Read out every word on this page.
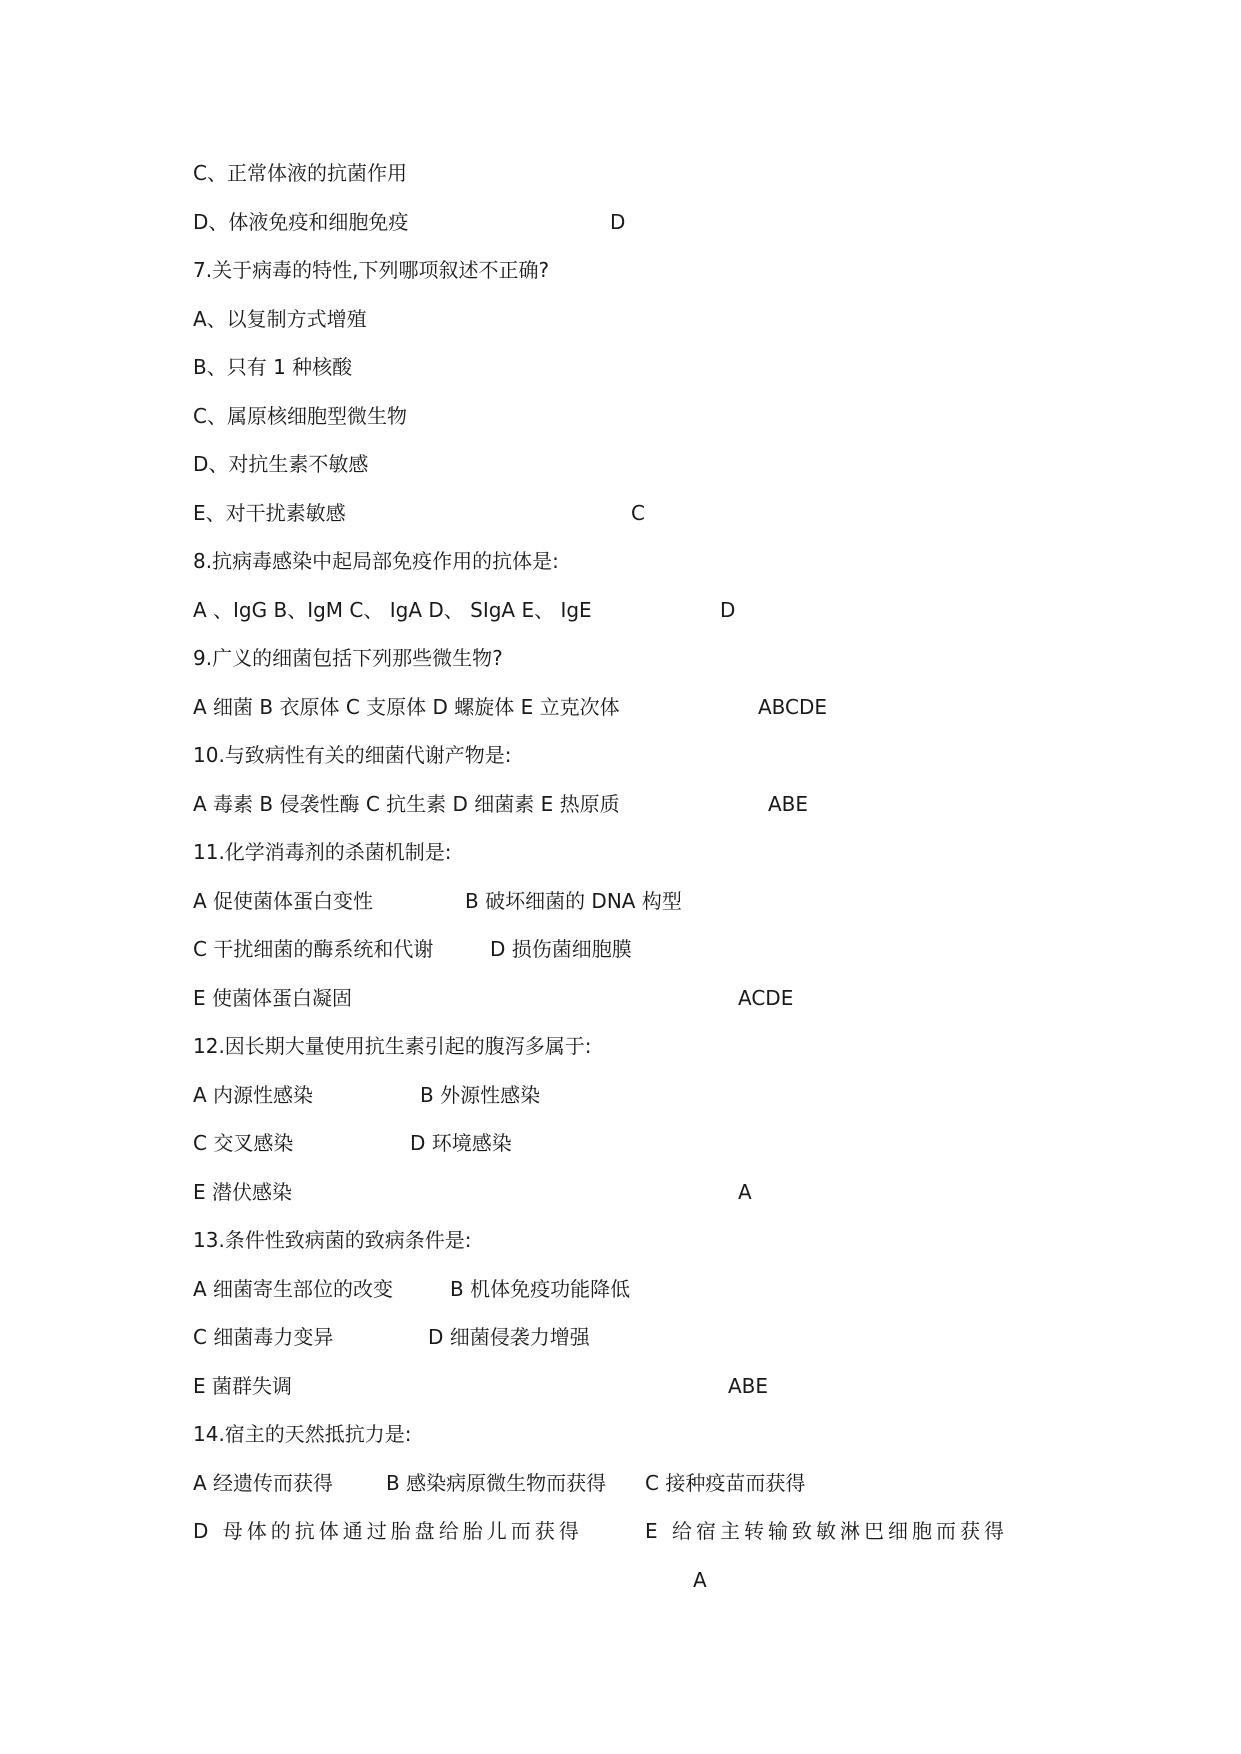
C、正常体液的抗菌作用
D、体液免疫和细胞免疫	D
7.关于病毒的特性,下列哪项叙述不正确?
A、以复制方式增殖
B、只有 1 种核酸
C、属原核细胞型微生物
D、对抗生素不敏感
E、对干扰素敏感	C
8.抗病毒感染中起局部免疫作用的抗体是:
A 、IgG B、IgM C、 IgA D、 SIgA E、 IgE	D
9.广义的细菌包括下列那些微生物?
A 细菌 B 衣原体 C 支原体 D 螺旋体 E 立克次体	ABCDE
10.与致病性有关的细菌代谢产物是:
A 毒素 B 侵袭性酶 C 抗生素 D 细菌素 E 热原质	ABE
11.化学消毒剂的杀菌机制是:
A 促使菌体蛋白变性	B 破坏细菌的 DNA 构型
C 干扰细菌的酶系统和代谢	D 损伤菌细胞膜
E 使菌体蛋白凝固	ACDE
12.因长期大量使用抗生素引起的腹泻多属于:
A 内源性感染	B 外源性感染
C 交叉感染	D 环境感染
E 潜伏感染	A
13.条件性致病菌的致病条件是:
A 细菌寄生部位的改变	B 机体免疫功能降低
C 细菌毒力变异	D 细菌侵袭力增强
E 菌群失调	ABE
14.宿主的天然抵抗力是:
A 经遗传而获得	B 感染病原微生物而获得 C 接种疫苗而获得
D 母体的抗体通过胎盘给胎儿而获得	E 给宿主转输致敏淋巴细胞而获得
A
